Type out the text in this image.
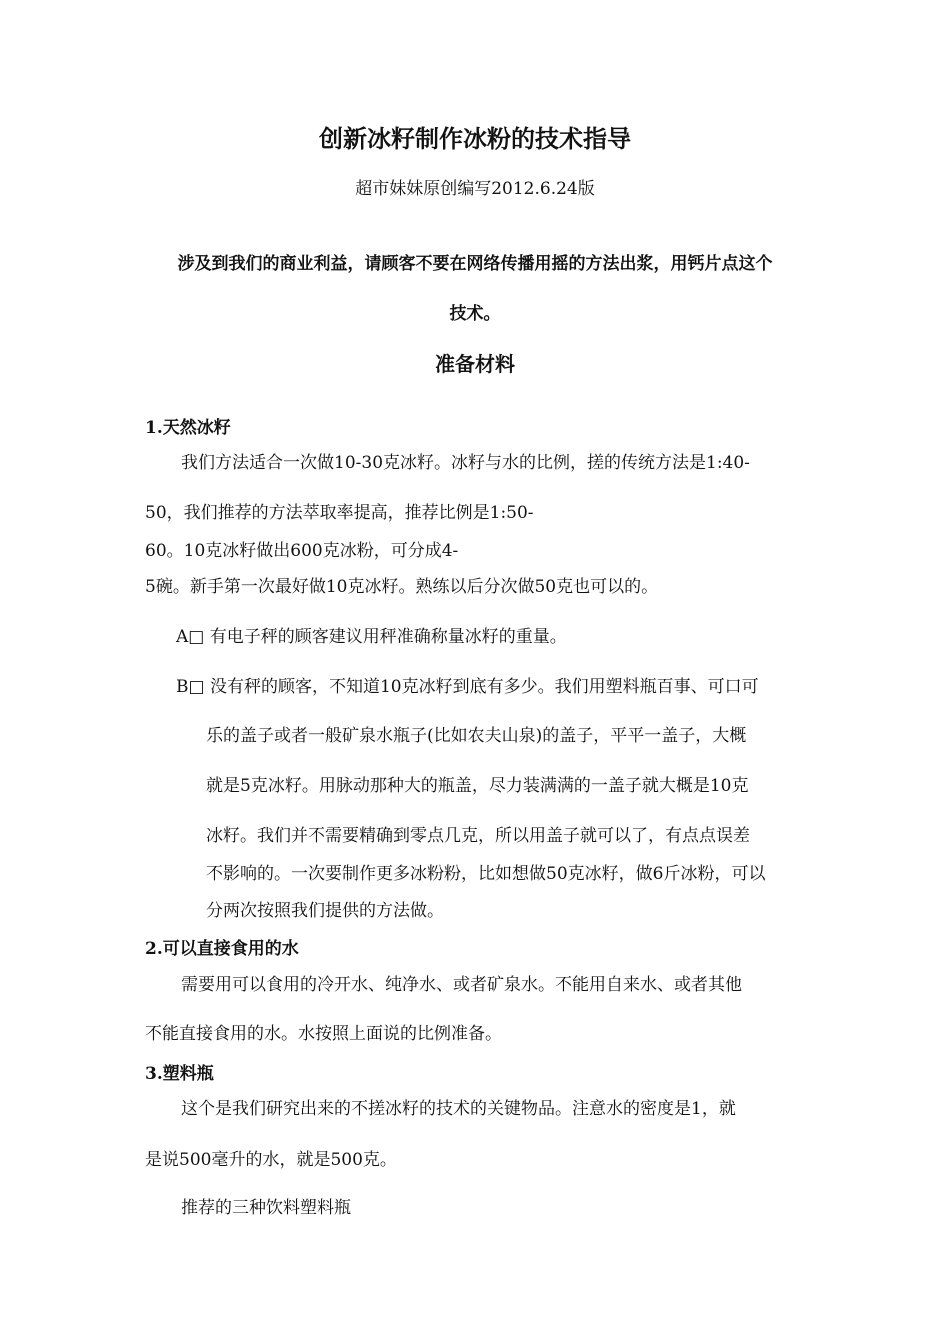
创新冰籽制作冰粉的技术指导
超市妹妹原创编写2012.6.24版
涉及到我们的商业利益，请顾客不要在网络传播用摇的方法出浆，用钙片点这个
技术。
准备材料
1.天然冰籽
我们方法适合一次做10-30克冰籽。冰籽与水的比例，搓的传统方法是1:40-
50，我们推荐的方法萃取率提高，推荐比例是1:50-
60。10克冰籽做出600克冰粉，可分成4-
5碗。新手第一次最好做10克冰籽。熟练以后分次做50克也可以的。
A□ 有电子秤的顾客建议用秤准确称量冰籽的重量。
B□ 没有秤的顾客，不知道10克冰籽到底有多少。我们用塑料瓶百事、可口可
乐的盖子或者一般矿泉水瓶子(比如农夫山泉)的盖子，平平一盖子，大概
就是5克冰籽。用脉动那种大的瓶盖，尽力装满满的一盖子就大概是10克
冰籽。我们并不需要精确到零点几克，所以用盖子就可以了，有点点误差
不影响的。一次要制作更多冰粉粉，比如想做50克冰籽，做6斤冰粉，可以
分两次按照我们提供的方法做。
2.可以直接食用的水
需要用可以食用的冷开水、纯净水、或者矿泉水。不能用自来水、或者其他
不能直接食用的水。水按照上面说的比例准备。
3.塑料瓶
这个是我们研究出来的不搓冰籽的技术的关键物品。注意水的密度是1，就
是说500毫升的水，就是500克。
推荐的三种饮料塑料瓶
